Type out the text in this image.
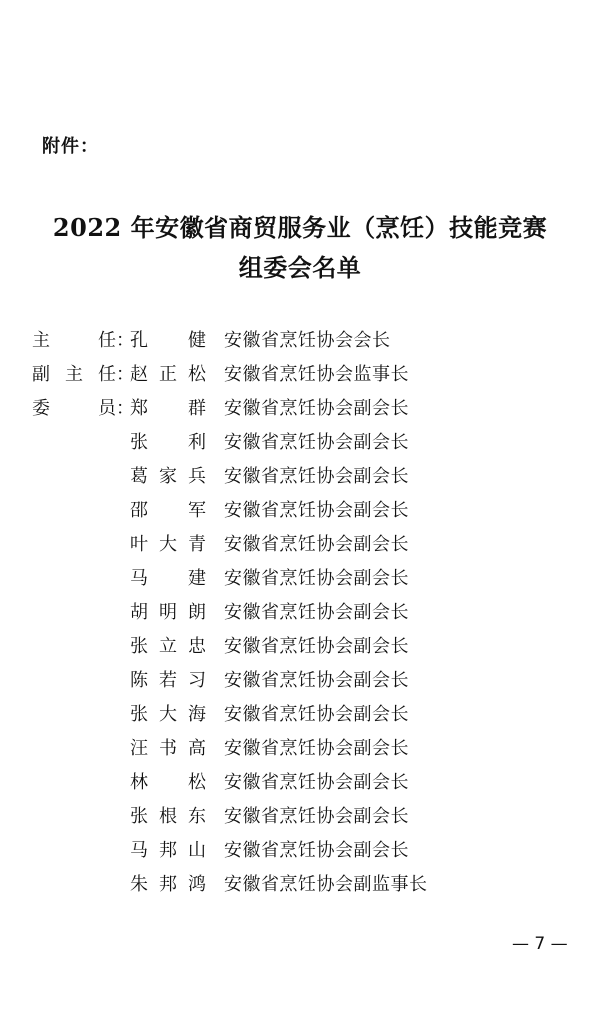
附件：
2022 年安徽省商贸服务业（烹饪）技能竞赛
组委会名单
主　　任 ：
孔　健 安徽省烹饪协会会长
副 主 任 ：
赵正松 安徽省烹饪协会监事长
委　　员 ：
郑　群 安徽省烹饪协会副会长
张　利 安徽省烹饪协会副会长
葛家兵 安徽省烹饪协会副会长
邵　军 安徽省烹饪协会副会长
叶大青 安徽省烹饪协会副会长
马　建 安徽省烹饪协会副会长
胡明朗 安徽省烹饪协会副会长
张立忠 安徽省烹饪协会副会长
陈若习 安徽省烹饪协会副会长
张大海 安徽省烹饪协会副会长
汪书高 安徽省烹饪协会副会长
林　松 安徽省烹饪协会副会长
张根东 安徽省烹饪协会副会长
马邦山 安徽省烹饪协会副会长
朱邦鸿 安徽省烹饪协会副监事长
— 7 —
